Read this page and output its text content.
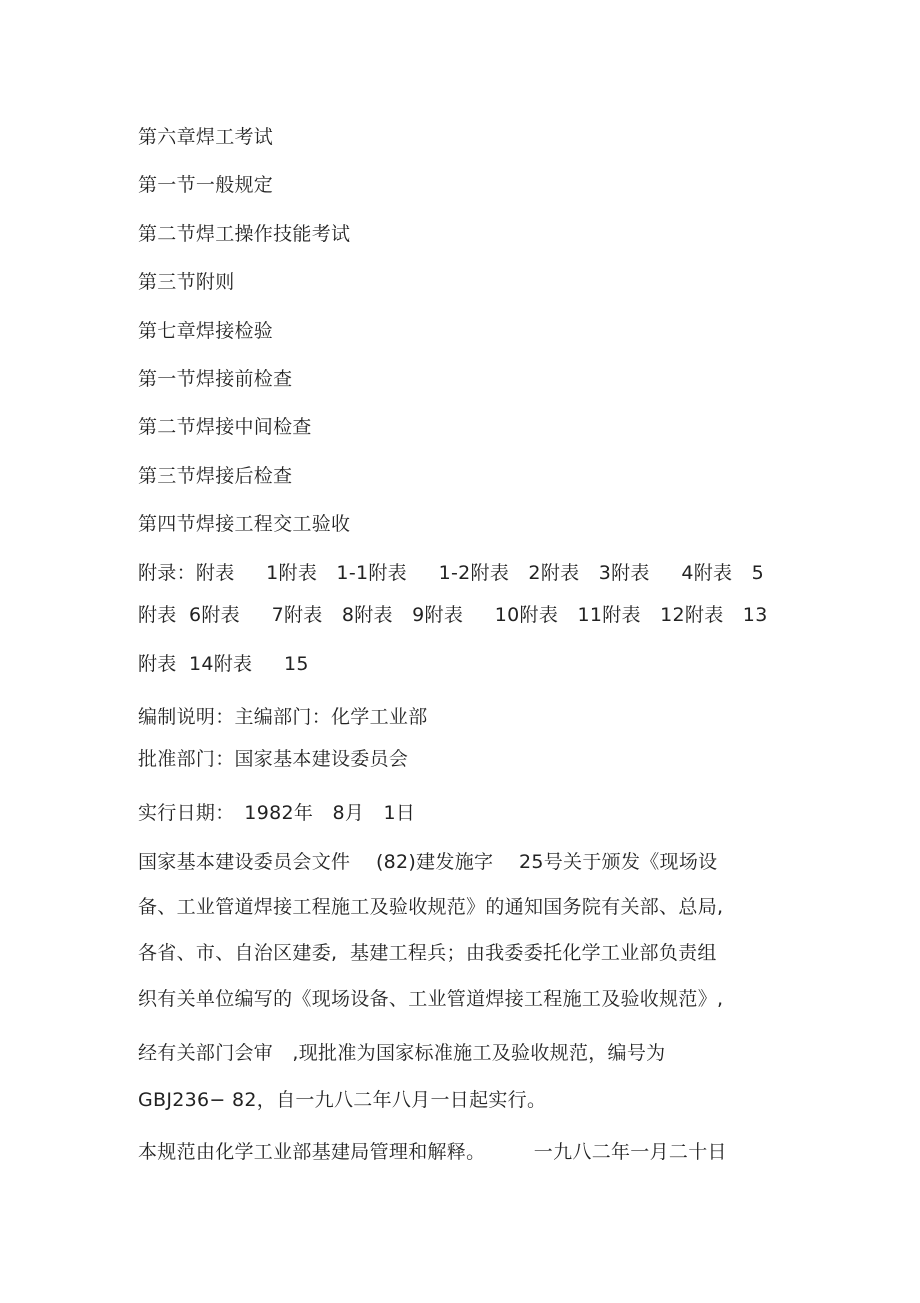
第六章焊工考试
第一节一般规定
第二节焊工操作技能考试
第三节附则
第七章焊接检验
第一节焊接前检查
第二节焊接中间检查
第三节焊接后检查
第四节焊接工程交工验收
附录：附表　 1附表　1-1附表　 1-2附表　2附表　3附表　 4附表　5
附表 6附表　 7附表　8附表　9附表　 10附表　11附表　12附表　13
附表 14附表　 15
编制说明：主编部门：化学工业部
批准部门：国家基本建设委员会
实行日期：　1982年　8月　1日
国家基本建设委员会文件　 (82)建发施字　 25号关于颁发《现场设
备、工业管道焊接工程施工及验收规范》的通知国务院有关部、总局,
各省、市、自治区建委,  基建工程兵；由我委委托化学工业部负责组
织有关单位编写的《现场设备、工业管道焊接工程施工及验收规范》,
经有关部门会审　,现批准为国家标准施工及验收规范，编号为
GBJ236− 82，自一九八二年八月一日起实行。
本规范由化学工业部基建局管理和解释。　　　一九八二年一月二十日
